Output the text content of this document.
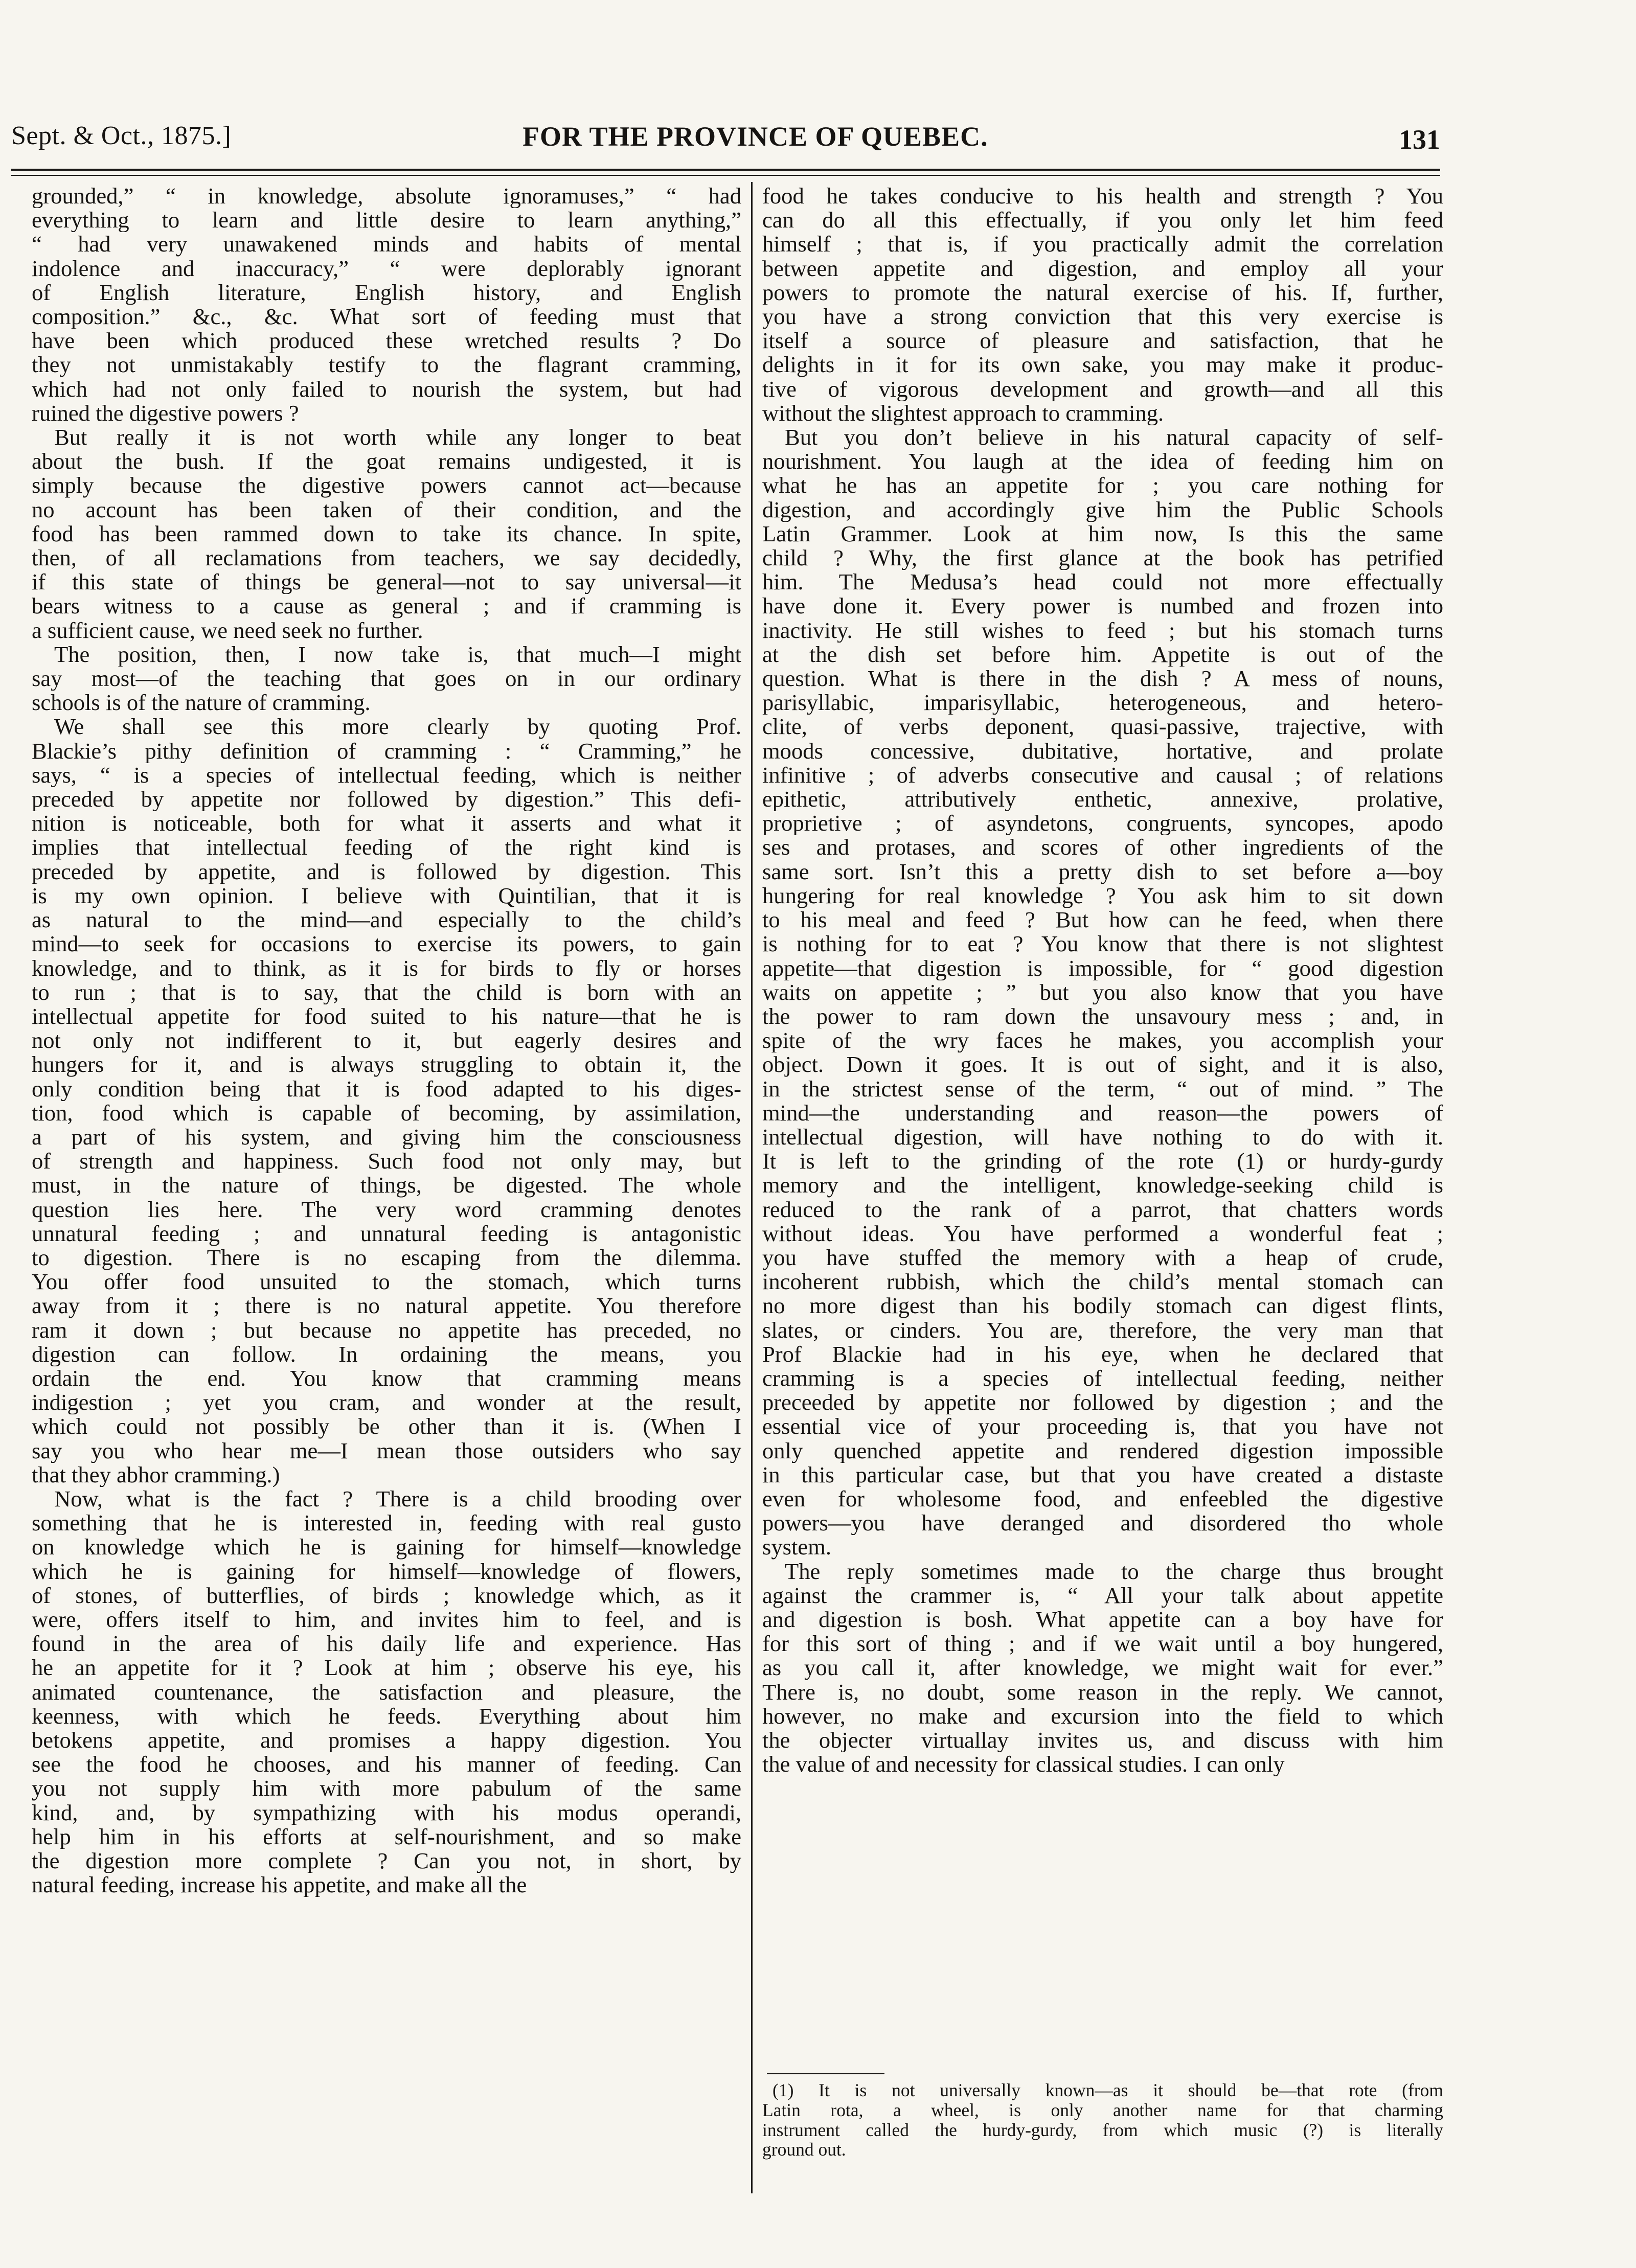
Sept. & Oct., 1875.]	FOR THE PROVINCE OF QUEBEC.	131

grounded,” “ in knowledge, absolute ignoramuses,” “ had
everything to learn and little desire to learn anything,”
“ had very unawakened minds and habits of mental
indolence and inaccuracy,” “ were deplorably ignorant
of English literature, English history, and English
composition.” &c., &c. What sort of feeding must that
have been which produced these wretched results ? Do
they not unmistakably testify to the flagrant cramming,
which had not only failed to nourish the system, but had
ruined the digestive powers ?

But really it is not worth while any longer to beat
about the bush. If the goat remains undigested, it is
simply because the digestive powers cannot act—because
no account has been taken of their condition, and the
food has been rammed down to take its chance. In spite,
then, of all reclamations from teachers, we say decidedly,
if this state of things be general—not to say universal—it
bears witness to a cause as general ; and if cramming is
a sufficient cause, we need seek no further.

The position, then, I now take is, that much—I might
say most—of the teaching that goes on in our ordinary
schools is of the nature of cramming.

We shall see this more clearly by quoting Prof.
Blackie’s pithy definition of cramming : “ Cramming,” he
says, “ is a species of intellectual feeding, which is neither
preceded by appetite nor followed by digestion.” This defi-
nition is noticeable, both for what it asserts and what it
implies that intellectual feeding of the right kind is
preceded by appetite, and is followed by digestion. This
is my own opinion. I believe with Quintilian, that it is
as natural to the mind—and especially to the child’s
mind—to seek for occasions to exercise its powers, to gain
knowledge, and to think, as it is for birds to fly or horses
to run ; that is to say, that the child is born with an
intellectual appetite for food suited to his nature—that he is
not only not indifferent to it, but eagerly desires and
hungers for it, and is always struggling to obtain it, the
only condition being that it is food adapted to his diges-
tion, food which is capable of becoming, by assimilation,
a part of his system, and giving him the consciousness
of strength and happiness. Such food not only may, but
must, in the nature of things, be digested. The whole
question lies here. The very word cramming denotes
unnatural feeding ; and unnatural feeding is antagonistic
to digestion. There is no escaping from the dilemma.
You offer food unsuited to the stomach, which turns
away from it ; there is no natural appetite. You therefore
ram it down ; but because no appetite has preceded, no
digestion can follow. In ordaining the means, you
ordain the end. You know that cramming means
indigestion ; yet you cram, and wonder at the result,
which could not possibly be other than it is. (When I
say you who hear me—I mean those outsiders who say
that they abhor cramming.)

Now, what is the fact ? There is a child brooding over
something that he is interested in, feeding with real gusto
on knowledge which he is gaining for himself—knowledge
which he is gaining for himself—knowledge of flowers,
of stones, of butterflies, of birds ; knowledge which, as it
were, offers itself to him, and invites him to feel, and is
found in the area of his daily life and experience. Has
he an appetite for it ? Look at him ; observe his eye, his
animated countenance, the satisfaction and pleasure, the
keenness, with which he feeds. Everything about him
betokens appetite, and promises a happy digestion. You
see the food he chooses, and his manner of feeding. Can
you not supply him with more pabulum of the same
kind, and, by sympathizing with his modus operandi,
help him in his efforts at self-nourishment, and so make
the digestion more complete ? Can you not, in short, by
natural feeding, increase his appetite, and make all the

food he takes conducive to his health and strength ? You
can do all this effectually, if you only let him feed
himself ; that is, if you practically admit the correlation
between appetite and digestion, and employ all your
powers to promote the natural exercise of his. If, further,
you have a strong conviction that this very exercise is
itself a source of pleasure and satisfaction, that he
delights in it for its own sake, you may make it produc-
tive of vigorous development and growth—and all this
without the slightest approach to cramming.

But you don’t believe in his natural capacity of self-
nourishment. You laugh at the idea of feeding him on
what he has an appetite for ; you care nothing for
digestion, and accordingly give him the Public Schools
Latin Grammer. Look at him now, Is this the same
child ? Why, the first glance at the book has petrified
him. The Medusa’s head could not more effectually
have done it. Every power is numbed and frozen into
inactivity. He still wishes to feed ; but his stomach turns
at the dish set before him. Appetite is out of the
question. What is there in the dish ? A mess of nouns,
parisyllabic, imparisyllabic, heterogeneous, and hetero-
clite, of verbs deponent, quasi-passive, trajective, with
moods concessive, dubitative, hortative, and prolate
infinitive ; of adverbs consecutive and causal ; of relations
epithetic, attributively enthetic, annexive, prolative,
proprietive ; of asyndetons, congruents, syncopes, apodo
ses and protases, and scores of other ingredients of the
same sort. Isn’t this a pretty dish to set before a—boy
hungering for real knowledge ? You ask him to sit down
to his meal and feed ? But how can he feed, when there
is nothing for to eat ? You know that there is not slightest
appetite—that digestion is impossible, for “ good digestion
waits on appetite ; ” but you also know that you have
the power to ram down the unsavoury mess ; and, in
spite of the wry faces he makes, you accomplish your
object. Down it goes. It is out of sight, and it is also,
in the strictest sense of the term, “ out of mind. ” The
mind—the understanding and reason—the powers of
intellectual digestion, will have nothing to do with it.
It is left to the grinding of the rote (1) or hurdy-gurdy
memory and the intelligent, knowledge-seeking child is
reduced to the rank of a parrot, that chatters words
without ideas. You have performed a wonderful feat ;
you have stuffed the memory with a heap of crude,
incoherent rubbish, which the child’s mental stomach can
no more digest than his bodily stomach can digest flints,
slates, or cinders. You are, therefore, the very man that
Prof Blackie had in his eye, when he declared that
cramming is a species of intellectual feeding, neither
preceeded by appetite nor followed by digestion ; and the
essential vice of your proceeding is, that you have not
only quenched appetite and rendered digestion impossible
in this particular case, but that you have created a distaste
even for wholesome food, and enfeebled the digestive
powers—you have deranged and disordered tho whole
system.

The reply sometimes made to the charge thus brought
against the crammer is, “ All your talk about appetite
and digestion is bosh. What appetite can a boy have for
for this sort of thing ; and if we wait until a boy hungered,
as you call it, after knowledge, we might wait for ever.”
There is, no doubt, some reason in the reply. We cannot,
however, no make and excursion into the field to which
the objecter virtuallay invites us, and discuss with him
the value of and necessity for classical studies. I can only

(1) It is not universally known—as it should be—that rote (from
Latin rota, a wheel, is only another name for that charming
instrument called the hurdy-gurdy, from which music (?) is literally
ground out.
